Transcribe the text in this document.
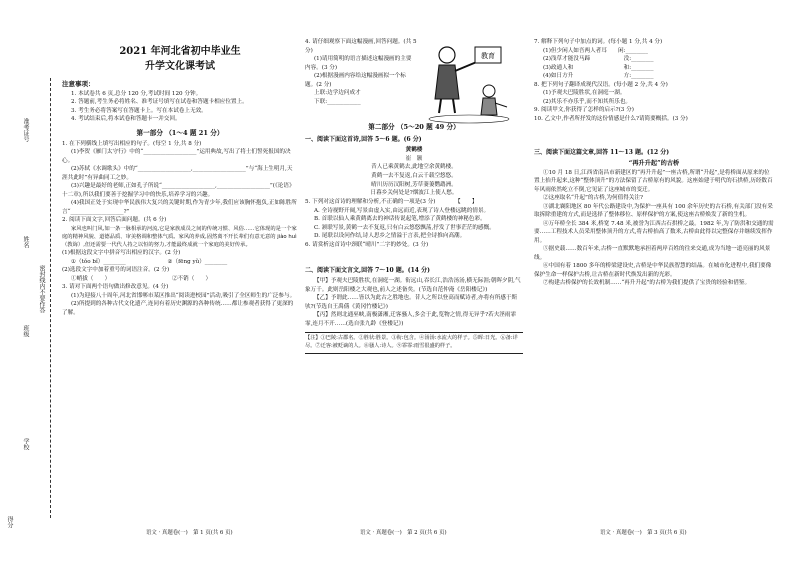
准考证号
姓名
班级
学校
密封线内不要作答
得分
2021 年河北省初中毕业生
升学文化课考试
注意事项：

1. 本试卷共 6 页,总分 120 分,考试时间 120 分钟。

2. 答题前,考生务必将姓名、准考证号填写在试卷和答题卡相应位置上。

3. 考生务必将答案写在答题卡上。写在本试卷上无效。

4. 考试结束后,将本试卷和答题卡一并交回。

第一部分 （1～4 题 21 分）

1. 在下列横线上填写出相应的句子。(每空 1 分,共 8 分)

(1)李贺《雁门太守行》中的“___________________”运用典故,写出了将士们誓死报国的决心。

(2)苏轼《水调歌头》中的“___________________,___________________”与“海上生明月,天涯共此时”有异曲同工之妙。

(3)兴趣是最好的老师,正如孔子所说“___________________,___________________”(《论语》十二章),所以我们要善于挖掘学习中的快乐,培养学习的兴趣。

(4)我国正处于实现中华民族伟大复兴的关键时期,作为青少年,我们应该胸怀抱负,正如陈胜所言“___________________?”

2. 阅读下面文字,回答后面问题。(共 6 分)

家风也叫门风,如一条一脉相承的河流,它是家族成员之间的传统习惯、风俗……它体现的是一个家庭的精神风貌、道德品质、审美格调和整体气质。家风的养成,固然离不开长辈们有意无意的 jiào huì（教诲）,但还需要一代代人持之以恒的努力,才能最终成就一个家庭的美好传承。

(1)根据这段文字中拼音写出相应的汉字。(2 分)

①（tǒo bǐ）________	②（fēng yǔ）________

(2)选段文字中加着重号的词语注音。(2 分)

①峭拔（　　）	②不销（　　）

3. 请对下面两个语句做出修改意见。(4 分)

(1)为迎接八十周年,河北省邯郸市某区推出“阅读进校园”活动,吸引了全区师生的广泛参与。

(2)所提到的各种古代文化遗产,连同有着历史渊源的各种传统……都让参观者获得了更深的了解。

教育

4. 请仔细观察下面这幅漫画,回答问题。(共 5 分)

(1)请用简明的语言描述这幅漫画的主要内容。(3 分)

(2)根据漫画内容给这幅漫画拟一个标题。(2 分)

上联:边学边问成才

下联:____________

第二部分 （5～20 题 49 分）
一、阅读下面这首诗,回答 5～6 题。(6 分)
黄鹤楼
崔　颢
昔人已乘黄鹤去,此地空余黄鹤楼。
黄鹤一去不复返,白云千载空悠悠。
晴川历历汉阳树,芳草萋萋鹦鹉洲。
日暮乡关何处是?烟波江上使人愁。

5. 下列对这首诗的理解和分析,不正确的一项是(3 分)　　　　【　　】

A. 全诗视野开阔,写景由虚入实,由远而近,表现了诗人登楼远眺的情景。

B. 首联以仙人乘黄鹤离去的神话传说起笔,增添了黄鹤楼的神秘色彩。

C. 颔联写景,黄鹤一去不复返,只有白云悠悠飘荡,抒发了世事茫茫的感慨。

D. 尾联以设问作结,诗人思乡之情溢于言表,把全诗推向高潮。

6. 请赏析这首诗中颈联“晴川”二字的妙处。(3 分)

二、阅读下面文言文,回答 7～10 题。(14 分)

【甲】予观夫巴陵胜状,在洞庭一湖。衔远山,吞长江,浩浩汤汤,横无际涯;朝晖夕阴,气象万千。此则岳阳楼之大观也,前人之述备矣。(节选自范仲淹《岳阳楼记》)

【乙】予谓此……皆以为此古之胜地也。昔人之所以登高而赋诗者,亦将有所感于斯欤?(节选自王禹偁《黄冈竹楼记》)

【丙】然则北通巫峡,南极潇湘,迁客骚人,多会于此,览物之情,得无异乎?若夫淫雨霏霏,连月不开……(选自张九龄《登楼记》)

【注】①巴陵:古郡名。②胜状:胜景。③衔:包含。④汤汤:水流大的样子。⑤晖:日光。⑥备:详尽。⑦迁客:被贬谪的人。⑧骚人:诗人。⑨霏霏:雨雪很盛的样子。

7. 解释下列句子中加点的词。(每小题 1 分,共 4 分)

(1)但少闲人如吾两人者耳　　闲:________

(2)浅草才能没马蹄　　　　　　没:________

(3)政通人和　　　　　　　　　和:________

(4)如日方升　　　　　　　　　方:________

8. 把下列句子翻译成现代汉语。(每小题 2 分,共 4 分)

(1)予观夫巴陵胜状,在洞庭一湖。

(2)其乐不亦乐乎,而不知其所乐也。

9. 阅读甲文,你获得了怎样的启示?(3 分)

10. 乙文中,作者所抒发的这份情感是什么?请简要概括。(3 分)

三、阅读下面这篇文章,回答 11～13 题。(12 分)
“再升升起”的古桥

①10 月 18 日,江西省南昌市新建区的“再升升起”一座古桥,所谓“升起”,是将桥面从原来的位置上抬升起来,这种“整体顶升”的方法保留了古桥原有的风貌。这座始建于明代的石拱桥,历经数百年风雨依然屹立不倒,它见证了这座城市的变迁。

②这座取名“升起”的古桥,为何值得关注?

③湖北襄阳地区 80 年代公路建设中,为保护一座具有 100 余年历史的古石桥,有关部门没有采取拆除重建的方式,而是选择了整体移位、原样保护的方案,使这座古桥焕发了新的生机。

④万年桥全长 384 米,桥宽 7.48 米,被誉为江西古石拱桥之最。1982 年,为了防洪和交通的需要……工程技术人员采用整体顶升的方式,将古桥抬高了数米,古桥由此得以完整保存并继续发挥作用。

⑤据史载……数百年来,古桥一直默默地承担着两岸百姓的往来交通,成为当地一道亮丽的风景线。

⑥中国有着 1800 多年的桥梁建设史,古桥是中华民族智慧的结晶。在城市化进程中,我们要像保护生命一样保护古桥,让古桥在新时代焕发出新的光彩。

⑦构建古桥保护的长效机制……“再升升起”的古桥为我们提供了宝贵的经验和借鉴。

语文 · 真题卷(一)　第 1 页(共 6 页)	语文 · 真题卷(一)　第 2 页(共 6 页)	语文 · 真题卷(一)　第 3 页(共 6 页)
